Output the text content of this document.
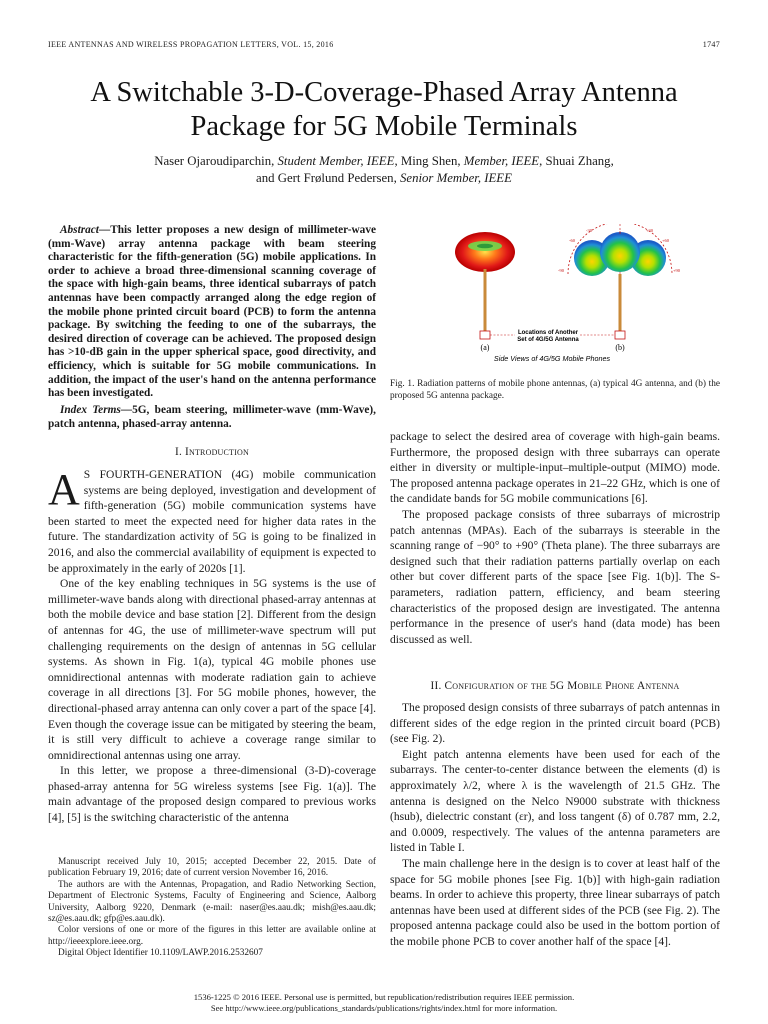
IEEE ANTENNAS AND WIRELESS PROPAGATION LETTERS, VOL. 15, 2016	1747
A Switchable 3-D-Coverage-Phased Array Antenna
Package for 5G Mobile Terminals
Naser Ojaroudiparchin, Student Member, IEEE, Ming Shen, Member, IEEE, Shuai Zhang,
and Gert Frølund Pedersen, Senior Member, IEEE

Abstract—This letter proposes a new design of millimeter-wave (mm-Wave) array antenna package with beam steering characteristic for the fifth-generation (5G) mobile applications. In order to achieve a broad three-dimensional scanning coverage of the space with high-gain beams, three identical subarrays of patch antennas have been compactly arranged along the edge region of the mobile phone printed circuit board (PCB) to form the antenna package. By switching the feeding to one of the subarrays, the desired direction of coverage can be achieved. The proposed design has >10-dB gain in the upper spherical space, good directivity, and efficiency, which is suitable for 5G mobile communications. In addition, the impact of the user's hand on the antenna performance has been investigated.

Index Terms—5G, beam steering, millimeter-wave (mm-Wave), patch antenna, phased-array antenna.

I. Introduction

A S FOURTH-GENERATION (4G) mobile communication systems are being deployed, investigation and development of fifth-generation (5G) mobile communication systems have been started to meet the expected need for higher data rates in the future. The standardization activity of 5G is going to be finalized in 2016, and also the commercial availability of equipment is expected to be approximately in the early of 2020s [1].

One of the key enabling techniques in 5G systems is the use of millimeter-wave bands along with directional phased-array antennas at both the mobile device and base station [2]. Different from the design of antennas for 4G, the use of millimeter-wave spectrum will put challenging requirements on the design of antennas in 5G cellular systems. As shown in Fig. 1(a), typical 4G mobile phones use omnidirectional antennas with moderate radiation gain to achieve coverage in all directions [3]. For 5G mobile phones, however, the directional-phased array antenna can only cover a part of the space [4]. Even though the coverage issue can be mitigated by steering the beam, it is still very difficult to achieve a coverage range similar to omnidirectional antennas using one array.

In this letter, we propose a three-dimensional (3-D)-coverage phased-array antenna for 5G wireless systems [see Fig. 1(a)]. The main advantage of the proposed design compared to previous works [4], [5] is the switching characteristic of the antenna

Manuscript received July 10, 2015; accepted December 22, 2015. Date of publication February 19, 2016; date of current version November 16, 2016.

The authors are with the Antennas, Propagation, and Radio Networking Section, Department of Electronic Systems, Faculty of Engineering and Science, Aalborg University, Aalborg 9220, Denmark (e-mail: naser@es.aau.dk; mish@es.aau.dk; sz@es.aau.dk; gfp@es.aau.dk).

Color versions of one or more of the figures in this letter are available online at http://ieeexplore.ieee.org.

Digital Object Identifier 10.1109/LAWP.2016.2532607

(a)
0	+30
+60
+90
-30
-60
-90
Locations of Another
Set of 4G/5G Antenna
(b)
Side Views of 4G/5G Mobile Phones
Fig. 1. Radiation patterns of mobile phone antennas, (a) typical 4G antenna, and (b) the proposed 5G antenna package.

package to select the desired area of coverage with high-gain beams. Furthermore, the proposed design with three subarrays can operate either in diversity or multiple-input–multiple-output (MIMO) mode. The proposed antenna package operates in 21–22 GHz, which is one of the candidate bands for 5G mobile communications [6].

The proposed package consists of three subarrays of microstrip patch antennas (MPAs). Each of the subarrays is steerable in the scanning range of −90° to +90° (Theta plane). The three subarrays are designed such that their radiation patterns partially overlap on each other but cover different parts of the space [see Fig. 1(b)]. The S-parameters, radiation pattern, efficiency, and beam steering characteristics of the proposed design are investigated. The antenna performance in the presence of user's hand (data mode) has been discussed as well.

II. Configuration of the 5G Mobile Phone Antenna

The proposed design consists of three subarrays of patch antennas in different sides of the edge region in the printed circuit board (PCB) (see Fig. 2).

Eight patch antenna elements have been used for each of the subarrays. The center-to-center distance between the elements (d) is approximately λ/2, where λ is the wavelength of 21.5 GHz. The antenna is designed on the Nelco N9000 substrate with thickness (hsub), dielectric constant (εr), and loss tangent (δ) of 0.787 mm, 2.2, and 0.0009, respectively. The values of the antenna parameters are listed in Table I.

The main challenge here in the design is to cover at least half of the space for 5G mobile phones [see Fig. 1(b)] with high-gain radiation beams. In order to achieve this property, three linear subarrays of patch antennas have been used at different sides of the PCB (see Fig. 2). The proposed antenna package could also be used in the bottom portion of the mobile phone PCB to cover another half of the space [4].

1536-1225 © 2016 IEEE. Personal use is permitted, but republication/redistribution requires IEEE permission.
See http://www.ieee.org/publications_standards/publications/rights/index.html for more information.
